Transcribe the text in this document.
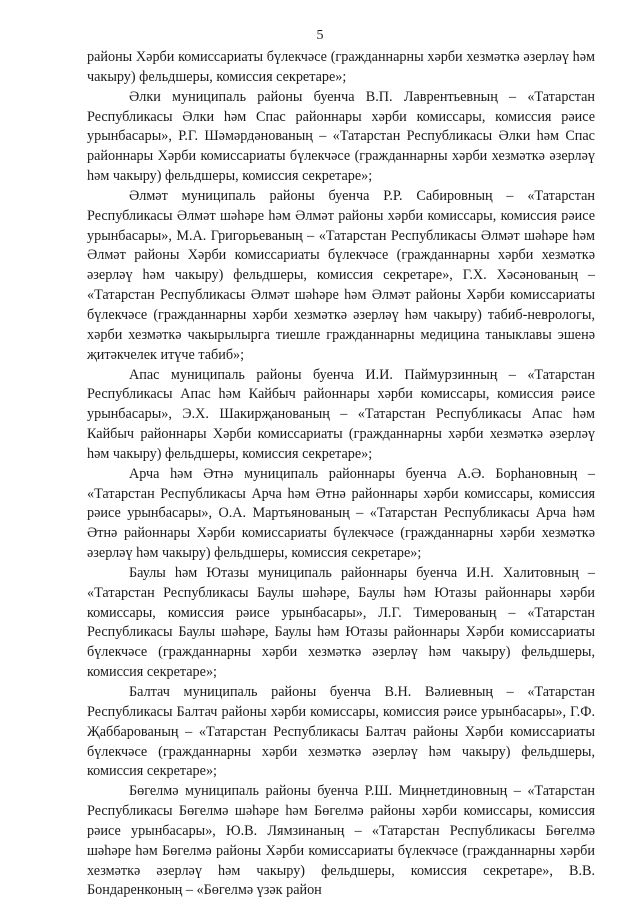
5

районы Хәрби комиссариаты бүлекчәсе (гражданнарны хәрби хезмәткә әзерләү һәм чакыру) фельдшеры, комиссия секретаре»;

Әлки муниципаль районы буенча В.П. Лаврентьевның – «Татарстан Республикасы Әлки һәм Спас районнары хәрби комиссары, комиссия рәисе урынбасары», Р.Г. Шәмәрдәнованың – «Татарстан Республикасы Әлки һәм Спас районнары Хәрби комиссариаты бүлекчәсе (гражданнарны хәрби хезмәткә әзерләү һәм чакыру) фельдшеры, комиссия секретаре»;

Әлмәт муниципаль районы буенча Р.Р. Сабировның – «Татарстан Республикасы Әлмәт шәһәре һәм Әлмәт районы хәрби комиссары, комиссия рәисе урынбасары», М.А. Григорьеваның – «Татарстан Республикасы Әлмәт шәһәре һәм Әлмәт районы Хәрби комиссариаты бүлекчәсе (гражданнарны хәрби хезмәткә әзерләү һәм чакыру) фельдшеры, комиссия секретаре», Г.Х. Хәсәнованың – «Татарстан Республикасы Әлмәт шәһәре һәм Әлмәт районы Хәрби комиссариаты бүлекчәсе (гражданнарны хәрби хезмәткә әзерләү һәм чакыру) табиб-неврологы, хәрби хезмәткә чакырылырга тиешле гражданнарны медицина таныклавы эшенә җитәкчелек итүче табиб»;

Апас муниципаль районы буенча И.И. Паймурзинның – «Татарстан Республикасы Апас һәм Кайбыч районнары хәрби комиссары, комиссия рәисе урынбасары», Э.Х. Шакирҗанованың – «Татарстан Республикасы Апас һәм Кайбыч районнары Хәрби комиссариаты (гражданнарны хәрби хезмәткә әзерләү һәм чакыру) фельдшеры, комиссия секретаре»;

Арча һәм Әтнә муниципаль районнары буенча А.Ә. Борһановның – «Татарстан Республикасы Арча һәм Әтнә районнары хәрби комиссары, комиссия рәисе урынбасары», О.А. Мартьянованың – «Татарстан Республикасы Арча һәм Әтнә районнары Хәрби комиссариаты бүлекчәсе (гражданнарны хәрби хезмәткә әзерләү һәм чакыру) фельдшеры, комиссия секретаре»;

Баулы һәм Ютазы муниципаль районнары буенча И.Н. Халитовның – «Татарстан Республикасы Баулы шәһәре, Баулы һәм Ютазы районнары хәрби комиссары, комиссия рәисе урынбасары», Л.Г. Тимерованың – «Татарстан Республикасы Баулы шәһәре, Баулы һәм Ютазы районнары Хәрби комиссариаты бүлекчәсе (гражданнарны хәрби хезмәткә әзерләү һәм чакыру) фельдшеры, комиссия секретаре»;

Балтач муниципаль районы буенча В.Н. Вәлиевның – «Татарстан Республикасы Балтач районы хәрби комиссары, комиссия рәисе урынбасары», Г.Ф. Җаббарованың – «Татарстан Республикасы Балтач районы Хәрби комиссариаты бүлекчәсе (гражданнарны хәрби хезмәткә әзерләү һәм чакыру) фельдшеры, комиссия секретаре»;

Бөгелмә муниципаль районы буенча Р.Ш. Миңнетдиновның – «Татарстан Республикасы Бөгелмә шәһәре һәм Бөгелмә районы хәрби комиссары, комиссия рәисе урынбасары», Ю.В. Лямзинаның – «Татарстан Республикасы Бөгелмә шәһәре һәм Бөгелмә районы Хәрби комиссариаты бүлекчәсе (гражданнарны хәрби хезмәткә әзерләү һәм чакыру) фельдшеры, комиссия секретаре», В.В. Бондаренконың – «Бөгелмә үзәк район
